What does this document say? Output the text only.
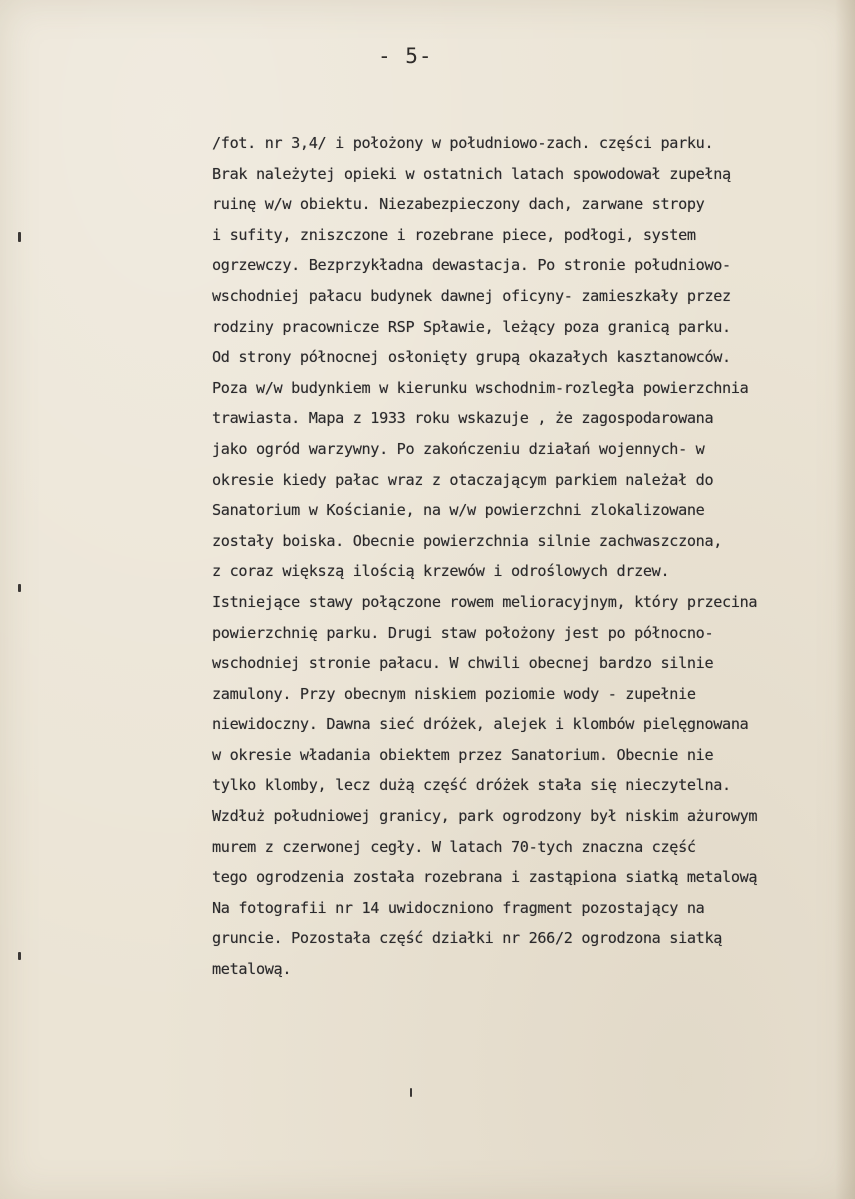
- 5-
/fot. nr 3,4/ i położony w południowo-zach. części parku.
Brak należytej opieki w ostatnich latach spowodował zupełną
ruinę w/w obiektu. Niezabezpieczony dach, zarwane stropy
i sufity, zniszczone i rozebrane piece, podłogi, system
ogrzewczy. Bezprzykładna dewastacja. Po stronie południowo-
wschodniej pałacu budynek dawnej oficyny- zamieszkały przez
rodziny pracownicze RSP Spławie, leżący poza granicą parku.
Od strony północnej osłonięty grupą okazałych kasztanowców.
Poza w/w budynkiem w kierunku wschodnim-rozległa powierzchnia
trawiasta. Mapa z 1933 roku wskazuje , że zagospodarowana
jako ogród warzywny. Po zakończeniu działań wojennych- w
okresie kiedy pałac wraz z otaczającym parkiem należał do
Sanatorium w Kościanie, na w/w powierzchni zlokalizowane
zostały boiska. Obecnie powierzchnia silnie zachwaszczona,
z coraz większą ilością krzewów i odroślowych drzew.
Istniejące stawy połączone rowem melioracyjnym, który przecina
powierzchnię parku. Drugi staw położony jest po północno-
wschodniej stronie pałacu. W chwili obecnej bardzo silnie
zamulony. Przy obecnym niskiem poziomie wody - zupełnie
niewidoczny. Dawna sieć dróżek, alejek i klombów pielęgnowana
w okresie władania obiektem przez Sanatorium. Obecnie nie
tylko klomby, lecz dużą część dróżek stała się nieczytelna.
Wzdłuż południowej granicy, park ogrodzony był niskim ażurowym
murem z czerwonej cegły. W latach 70-tych znaczna część
tego ogrodzenia została rozebrana i zastąpiona siatką metalową
Na fotografii nr 14 uwidoczniono fragment pozostający na
gruncie. Pozostała część działki nr 266/2 ogrodzona siatką
metalową.
